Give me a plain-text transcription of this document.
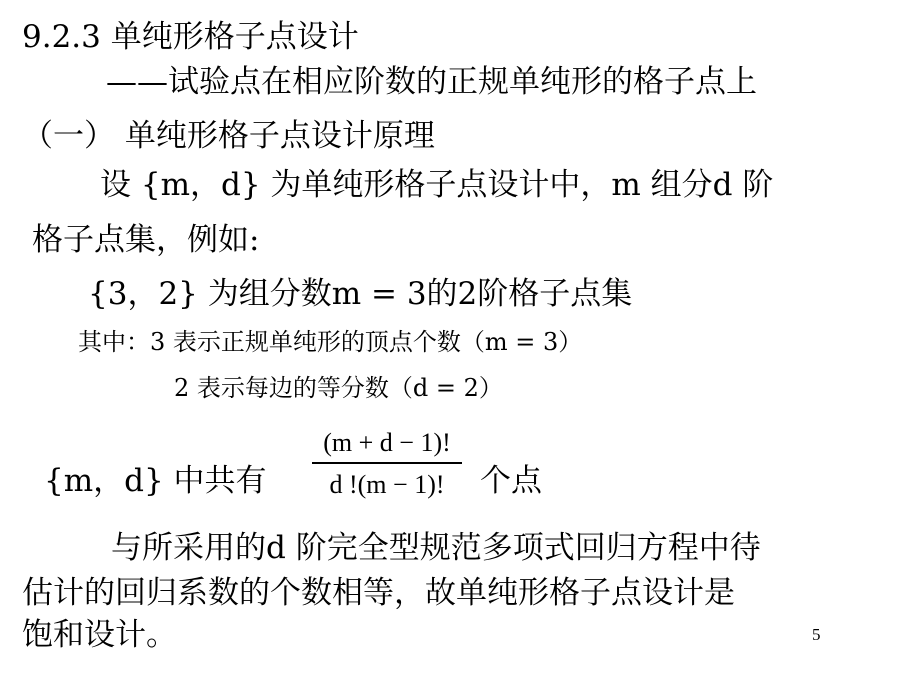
9.2.3 单纯形格子点设计
——试验点在相应阶数的正规单纯形的格子点上
（一） 单纯形格子点设计原理
设 {m，d} 为单纯形格子点设计中，m 组分d 阶
格子点集，例如:
{3，2} 为组分数m = 3的2阶格子点集
其中：3 表示正规单纯形的顶点个数（m = 3）
2 表示每边的等分数（d = 2）
{m，d} 中共有
(m + d − 1)!
d !(m − 1)!	个点
与所采用的d 阶完全型规范多项式回归方程中待
估计的回归系数的个数相等，故单纯形格子点设计是
饱和设计。	5
